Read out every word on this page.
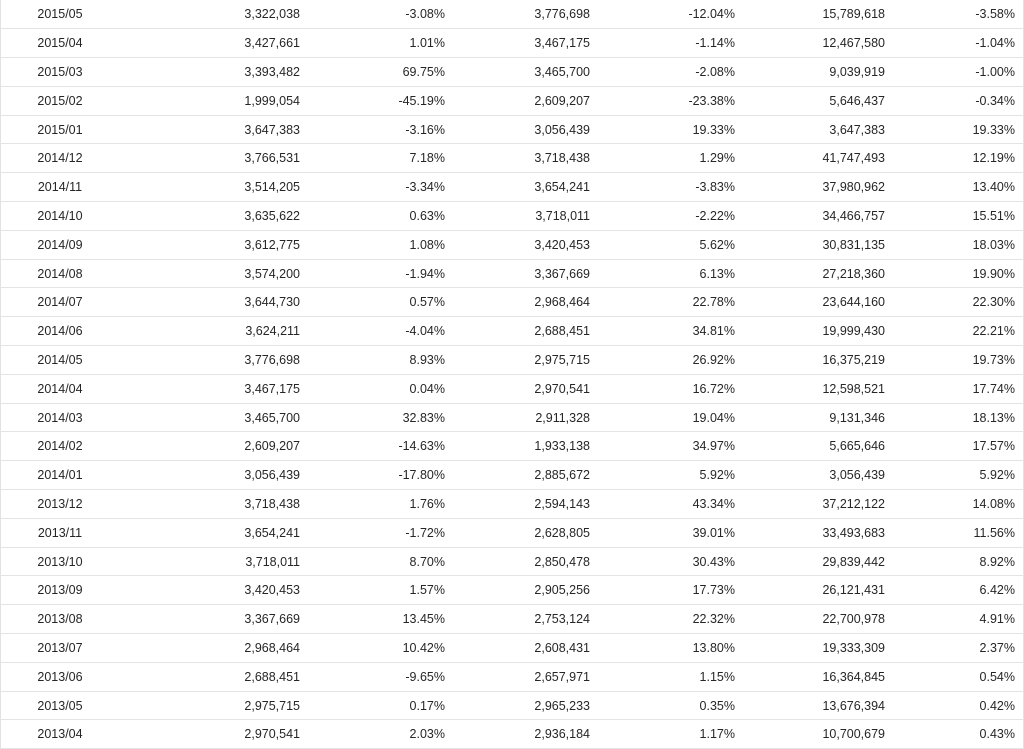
2015/05		3,322,038	-3.08%	3,776,698	-12.04%	15,789,618	-3.58%
2015/04		3,427,661	1.01%	3,467,175	-1.14%	12,467,580	-1.04%
2015/03		3,393,482	69.75%	3,465,700	-2.08%	9,039,919	-1.00%
2015/02		1,999,054	-45.19%	2,609,207	-23.38%	5,646,437	-0.34%
2015/01		3,647,383	-3.16%	3,056,439	19.33%	3,647,383	19.33%
2014/12		3,766,531	7.18%	3,718,438	1.29%	41,747,493	12.19%
2014/11		3,514,205	-3.34%	3,654,241	-3.83%	37,980,962	13.40%
2014/10		3,635,622	0.63%	3,718,011	-2.22%	34,466,757	15.51%
2014/09		3,612,775	1.08%	3,420,453	5.62%	30,831,135	18.03%
2014/08		3,574,200	-1.94%	3,367,669	6.13%	27,218,360	19.90%
2014/07		3,644,730	0.57%	2,968,464	22.78%	23,644,160	22.30%
2014/06		3,624,211	-4.04%	2,688,451	34.81%	19,999,430	22.21%
2014/05		3,776,698	8.93%	2,975,715	26.92%	16,375,219	19.73%
2014/04		3,467,175	0.04%	2,970,541	16.72%	12,598,521	17.74%
2014/03		3,465,700	32.83%	2,911,328	19.04%	9,131,346	18.13%
2014/02		2,609,207	-14.63%	1,933,138	34.97%	5,665,646	17.57%
2014/01		3,056,439	-17.80%	2,885,672	5.92%	3,056,439	5.92%
2013/12		3,718,438	1.76%	2,594,143	43.34%	37,212,122	14.08%
2013/11		3,654,241	-1.72%	2,628,805	39.01%	33,493,683	11.56%
2013/10		3,718,011	8.70%	2,850,478	30.43%	29,839,442	8.92%
2013/09		3,420,453	1.57%	2,905,256	17.73%	26,121,431	6.42%
2013/08		3,367,669	13.45%	2,753,124	22.32%	22,700,978	4.91%
2013/07		2,968,464	10.42%	2,608,431	13.80%	19,333,309	2.37%
2013/06		2,688,451	-9.65%	2,657,971	1.15%	16,364,845	0.54%
2013/05		2,975,715	0.17%	2,965,233	0.35%	13,676,394	0.42%
2013/04		2,970,541	2.03%	2,936,184	1.17%	10,700,679	0.43%
